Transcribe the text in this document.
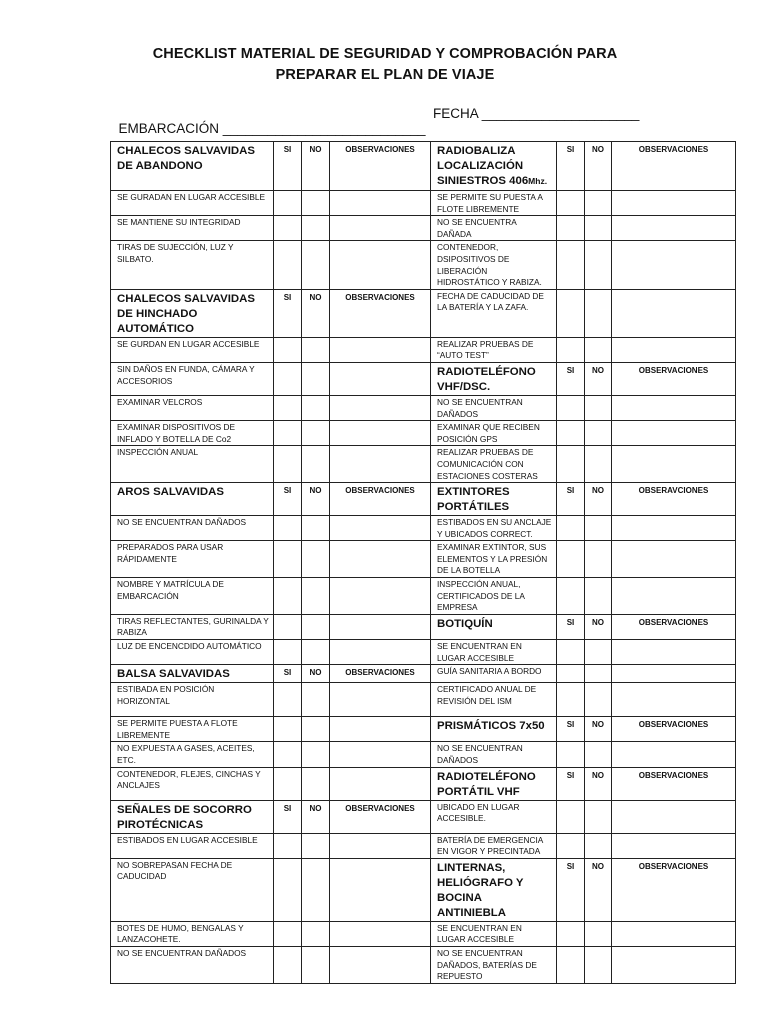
CHECKLIST MATERIAL DE SEGURIDAD Y COMPROBACIÓN PARA
PREPARAR EL PLAN DE VIAJE

EMBARCACIÓN ___________________________

FECHA _____________________

CHALECOS SALVAVIDAS DE ABANDONO	SI	NO	OBSERVACIONES	RADIOBALIZA LOCALIZACIÓN SINIESTROS 406Mhz.	SI	NO	OBSERVACIONES
SE GURADAN EN LUGAR ACCESIBLE				SE PERMITE SU PUESTA A FLOTE LIBREMENTE			
SE MANTIENE SU INTEGRIDAD				NO SE ENCUENTRA DAÑADA			
TIRAS DE SUJECCIÓN, LUZ Y SILBATO.				CONTENEDOR, DSIPOSITIVOS DE LIBERACIÓN HIDROSTÁTICO Y RABIZA.			
CHALECOS SALVAVIDAS DE HINCHADO AUTOMÁTICO	SI	NO	OBSERVACIONES	FECHA DE CADUCIDAD DE LA BATERÍA Y LA ZAFA.			
SE GURDAN EN LUGAR ACCESIBLE				REALIZAR PRUEBAS DE “AUTO TEST”			
SIN DAÑOS EN FUNDA, CÁMARA Y ACCESORIOS				RADIOTELÉFONO VHF/DSC.	SI	NO	OBSERVACIONES
EXAMINAR VELCROS				NO SE ENCUENTRAN DAÑADOS			
EXAMINAR DISPOSITIVOS DE INFLADO Y BOTELLA DE Co2				EXAMINAR QUE RECIBEN POSICIÓN GPS			
INSPECCIÓN ANUAL				REALIZAR PRUEBAS DE COMUNICACIÓN CON ESTACIONES COSTERAS			
AROS SALVAVIDAS	SI	NO	OBSERVACIONES	EXTINTORES PORTÁTILES	SI	NO	OBSERAVCIONES
NO SE ENCUENTRAN DAÑADOS				ESTIBADOS EN SU ANCLAJE Y UBICADOS CORRECT.			
PREPARADOS PARA USAR RÁPIDAMENTE				EXAMINAR EXTINTOR, SUS ELEMENTOS Y LA PRESIÓN DE LA BOTELLA			
NOMBRE Y MATRÍCULA DE EMBARCACIÓN				INSPECCIÓN ANUAL, CERTIFICADOS DE LA EMPRESA			
TIRAS REFLECTANTES, GURINALDA Y RABIZA				BOTIQUÍN	SI	NO	OBSERVACIONES
LUZ DE ENCENCDIDO AUTOMÁTICO				SE ENCUENTRAN EN LUGAR ACCESIBLE			
BALSA SALVAVIDAS	SI	NO	OBSERVACIONES	GUÍA SANITARIA A BORDO			
ESTIBADA EN POSICIÓN HORIZONTAL				CERTIFICADO ANUAL DE REVISIÓN DEL ISM			
SE PERMITE PUESTA A FLOTE LIBREMENTE				PRISMÁTICOS 7x50	SI	NO	OBSERVACIONES
NO EXPUESTA A GASES, ACEITES, ETC.				NO SE ENCUENTRAN DAÑADOS			
CONTENEDOR, FLEJES, CINCHAS Y ANCLAJES				RADIOTELÉFONO PORTÁTIL VHF	SI	NO	OBSERVACIONES
SEÑALES DE SOCORRO PIROTÉCNICAS	SI	NO	OBSERVACIONES	UBICADO EN LUGAR ACCESIBLE.			
ESTIBADOS EN LUGAR ACCESIBLE				BATERÍA DE EMERGENCIA EN VIGOR Y PRECINTADA			
NO SOBREPASAN FECHA DE CADUCIDAD				LINTERNAS, HELIÓGRAFO Y BOCINA ANTINIEBLA	SI	NO	OBSERVACIONES
BOTES DE HUMO, BENGALAS Y LANZACOHETE.				SE ENCUENTRAN EN LUGAR ACCESIBLE			
NO SE ENCUENTRAN DAÑADOS				NO SE ENCUENTRAN DAÑADOS, BATERÍAS DE REPUESTO			
